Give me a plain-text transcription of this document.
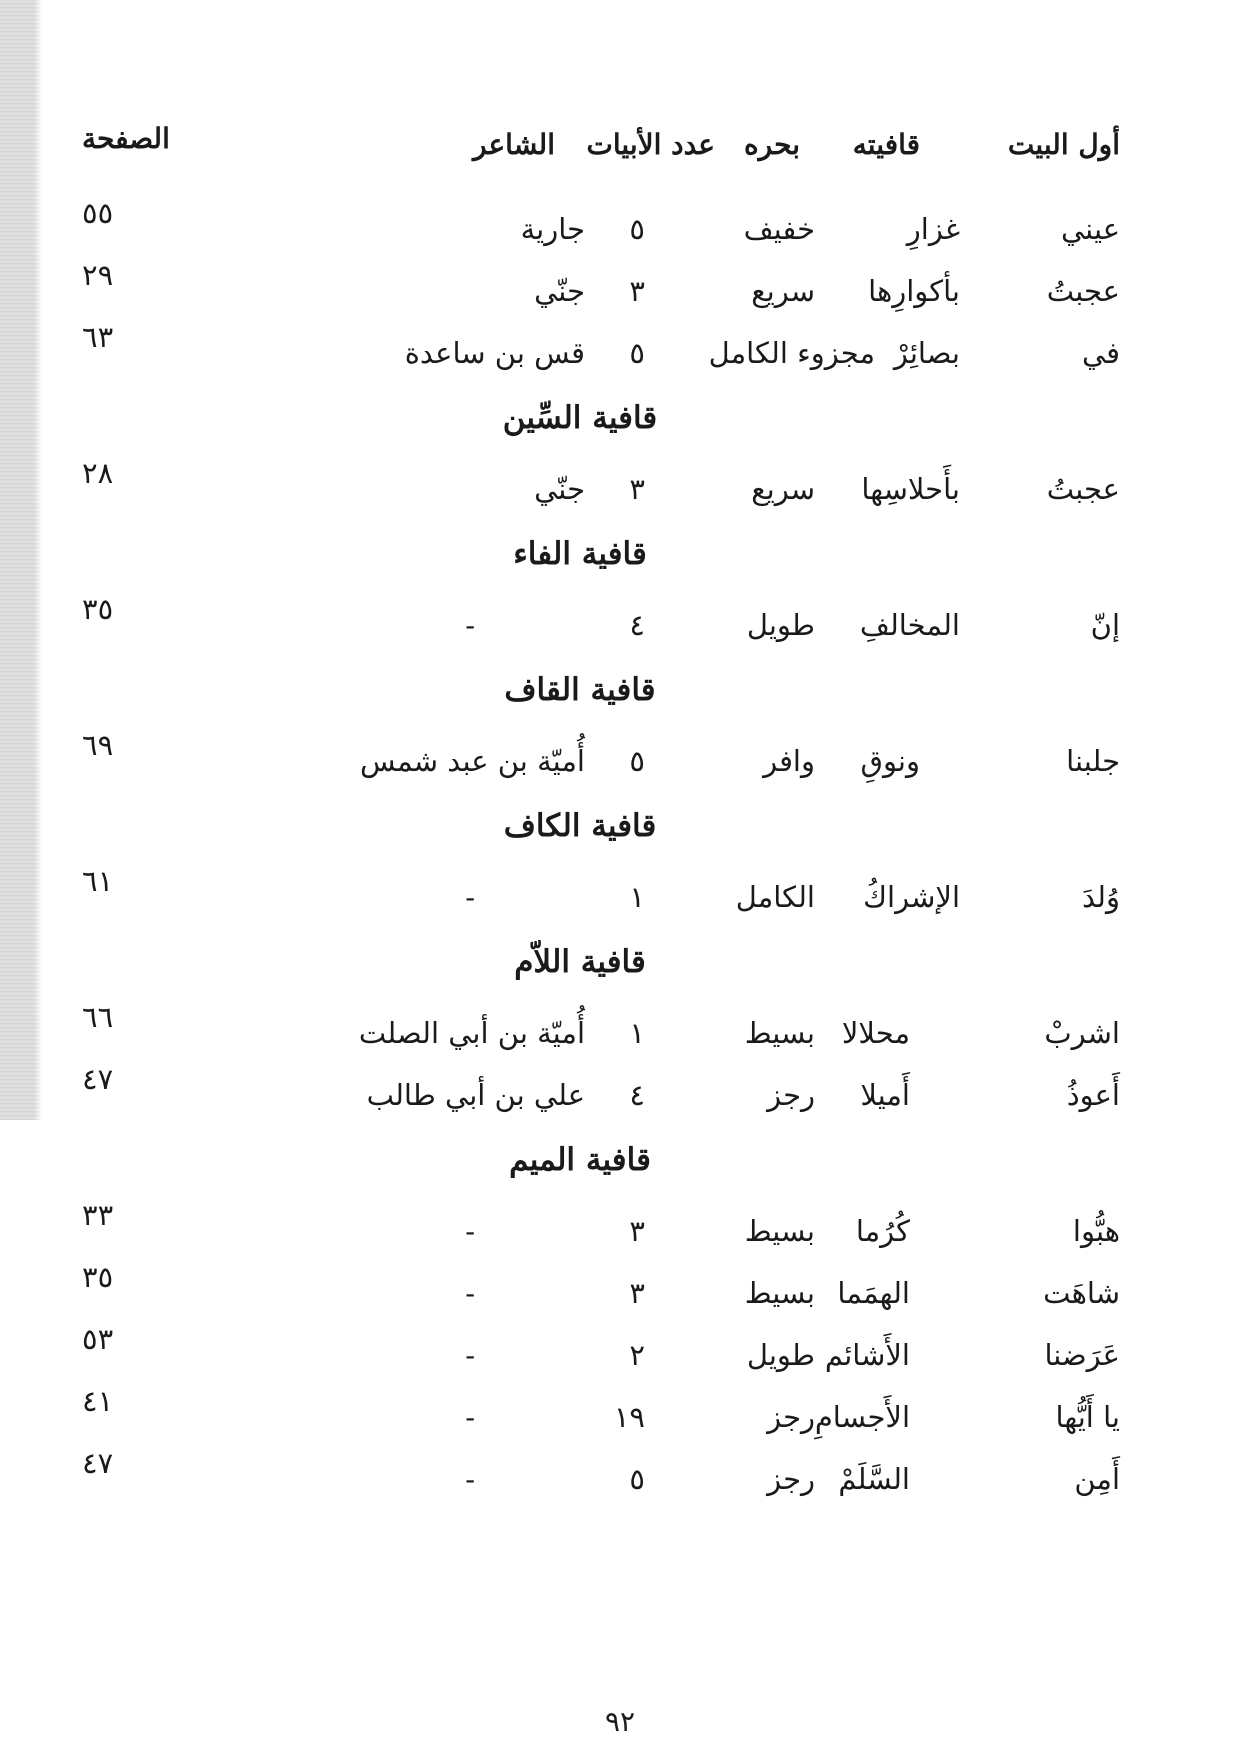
أول البيت
قافيته
بحره
عدد الأبيات
الشاعر
الصفحة
عيني
غزارِ
خفيف
٥
جارية
٥٥
عجبتُ
بأكوارِها
سريع
٣
جنّي
٢٩
في
بصائِرْ
مجزوء الكامل
٥
قس بن ساعدة
٦٣
قافية السِّين
عجبتُ
بأَحلاسِها
سريع
٣
جنّي
٢٨
قافية الفاء
إنّ
المخالفِ
طويل
٤
-
٣٥
قافية القاف
جلبنا
ونوقِ
وافر
٥
أُميّة بن عبد شمس
٦٩
قافية الكاف
وُلدَ
الإشراكُ
الكامل
١
-
٦١
قافية اللاّم
اشربْ
محلالا
بسيط
١
أُميّة بن أبي الصلت
٦٦
أَعوذُ
أَميلا
رجز
٤
علي بن أبي طالب
٤٧
قافية الميم
هبُّوا
كُرُما
بسيط
٣
-
٣٣
شاهَت
الهمَما
بسيط
٣
-
٣٥
عَرَضنا
الأَشائم
طويل
٢
-
٥٣
يا أَيُّها
الأَجسامِ
رجز
١٩
-
٤١
أَمِن
السَّلَمْ
رجز
٥
-
٤٧
٩٢
